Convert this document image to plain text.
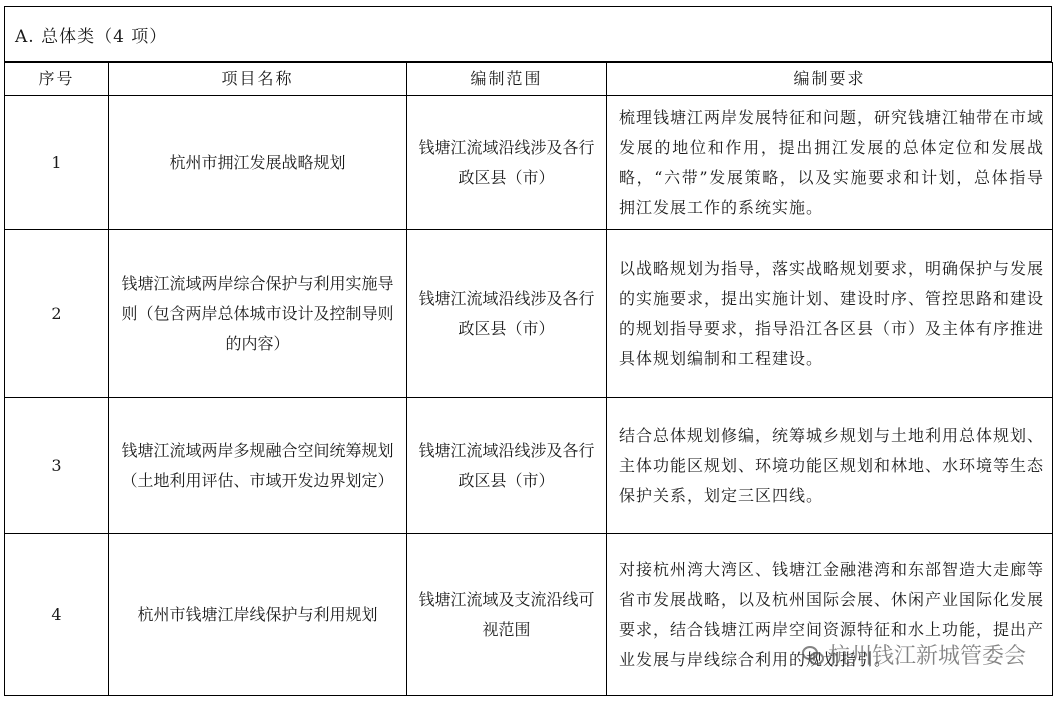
A. 总体类（4 项）
序号	项目名称	编制范围	编制要求
1	杭州市拥江发展战略规划	钱塘江流域沿线涉及各行政区县（市）	梳理钱塘江两岸发展特征和问题，研究钱塘江轴带在市域发展的地位和作用，提出拥江发展的总体定位和发展战略，“六带”发展策略，以及实施要求和计划，总体指导拥江发展工作的系统实施。
2	钱塘江流域两岸综合保护与利用实施导则（包含两岸总体城市设计及控制导则的内容）	钱塘江流域沿线涉及各行政区县（市）	以战略规划为指导，落实战略规划要求，明确保护与发展的实施要求，提出实施计划、建设时序、管控思路和建设的规划指导要求，指导沿江各区县（市）及主体有序推进具体规划编制和工程建设。
3	钱塘江流域两岸多规融合空间统筹规划（土地利用评估、市域开发边界划定）	钱塘江流域沿线涉及各行政区县（市）	结合总体规划修编，统筹城乡规划与土地利用总体规划、主体功能区规划、环境功能区规划和林地、水环境等生态保护关系，划定三区四线。
4	杭州市钱塘江岸线保护与利用规划	钱塘江流域及支流沿线可视范围	对接杭州湾大湾区、钱塘江金融港湾和东部智造大走廊等省市发展战略，以及杭州国际会展、休闲产业国际化发展要求，结合钱塘江两岸空间资源特征和水上功能，提出产业发展与岸线综合利用的规划指引。
杭州钱江新城管委会
